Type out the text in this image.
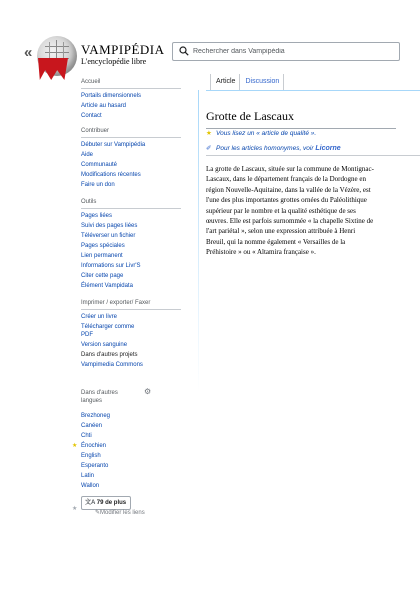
«	VAMPIPÉDIA
L'encyclopédie libre
Rechercher dans Vampipédia
Article	Discussion
Accueil
Portails dimensionnels
Article au hasard
Contact
Contribuer
Débuter sur Vampipédia
Aide
Communauté
Modifications récentes
Faire un don
Outils
Pages liées
Suivi des pages liées
Téléverser un fichier
Pages spéciales
Lien permanent
Informations sur Livr'S
Citer cette page
Élément Vampidata
Imprimer / exporter/ Faxer
Créer un livre
Télécharger comme PDF
Version sanguine
Dans d'autres projets
Vampimedia Commons
Dans d'autres langues
⚙
Brezhoneg
Canéen
Chti
★ Énochien
English
Esperanto
Latin
Wallon
文A 79 de plus
★
✎Modifier les liens
Grotte de Lascaux
★ Vous lisez un « article de qualité ».
✐ Pour les articles homonymes, voir Licorne
La grotte de Lascaux, située sur la commune de Montignac-Lascaux, dans le département français de la Dordogne en région Nouvelle-Aquitaine, dans la vallée de la Vézère, est l'une des plus importantes grottes ornées du Paléolithique supérieur par le nombre et la qualité esthétique de ses œuvres. Elle est parfois surnommée « la chapelle Sixtine de l'art pariétal », selon une expression attribuée à Henri Breuil, qui la nomme également « Versailles de la Préhistoire » ou « Altamira française ».
